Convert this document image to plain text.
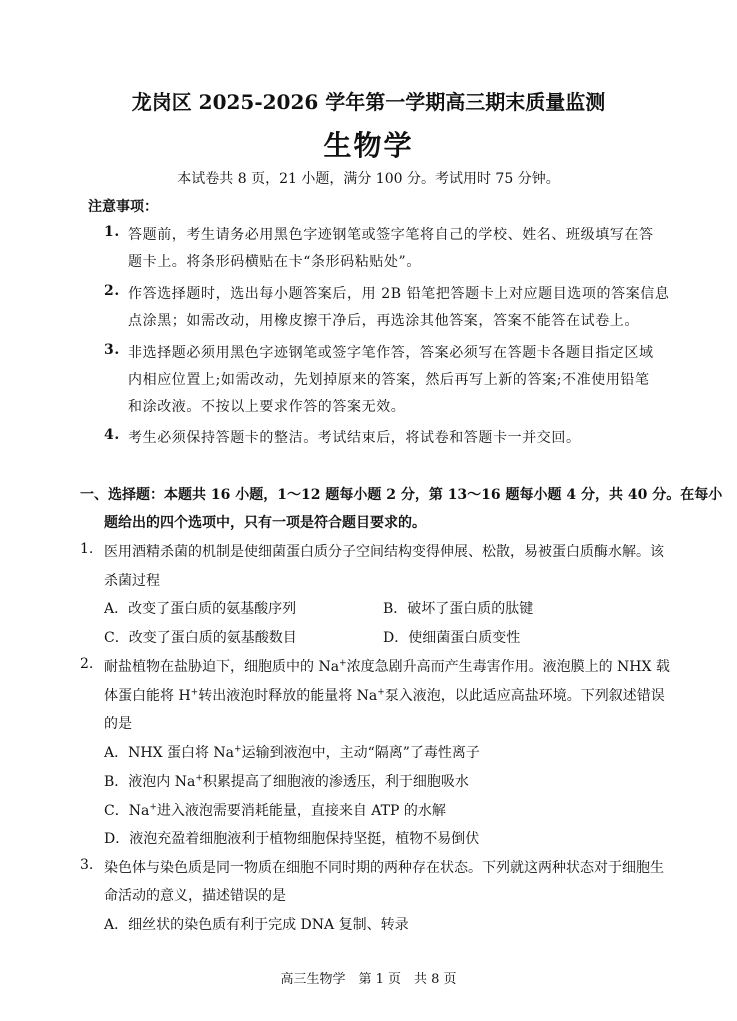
龙岗区 2025-2026 学年第一学期高三期末质量监测
生物学
本试卷共 8 页，21 小题，满分 100 分。考试用时 75 分钟。
注意事项：
1. 答题前，考生请务必用黑色字迹钢笔或签字笔将自己的学校、姓名、班级填写在答
题卡上。将条形码横贴在卡“条形码粘贴处”。
2. 作答选择题时，选出每小题答案后，用 2B 铅笔把答题卡上对应题目选项的答案信息
点涂黑；如需改动，用橡皮擦干净后，再选涂其他答案，答案不能答在试卷上。
3. 非选择题必须用黑色字迹钢笔或签字笔作答，答案必须写在答题卡各题目指定区域
内相应位置上;如需改动，先划掉原来的答案，然后再写上新的答案;不准使用铅笔
和涂改液。不按以上要求作答的答案无效。
4. 考生必须保持答题卡的整洁。考试结束后，将试卷和答题卡一并交回。
一、选择题：本题共 16 小题，1～12 题每小题 2 分，第 13～16 题每小题 4 分，共 40 分。在每小
题给出的四个选项中，只有一项是符合题目要求的。
1. 医用酒精杀菌的机制是使细菌蛋白质分子空间结构变得伸展、松散，易被蛋白质酶水解。该
杀菌过程
A．改变了蛋白质的氨基酸序列	B．破坏了蛋白质的肽键
C．改变了蛋白质的氨基酸数目	D．使细菌蛋白质变性
2. 耐盐植物在盐胁迫下，细胞质中的 Na+浓度急剧升高而产生毒害作用。液泡膜上的 NHX 载
体蛋白能将 H+转出液泡时释放的能量将 Na+泵入液泡，以此适应高盐环境。下列叙述错误
的是
A．NHX 蛋白将 Na+运输到液泡中，主动“隔离”了毒性离子
B．液泡内 Na+积累提高了细胞液的渗透压，利于细胞吸水
C．Na+进入液泡需要消耗能量，直接来自 ATP 的水解
D．液泡充盈着细胞液利于植物细胞保持坚挺，植物不易倒伏
3. 染色体与染色质是同一物质在细胞不同时期的两种存在状态。下列就这两种状态对于细胞生
命活动的意义，描述错误的是
A．细丝状的染色质有利于完成 DNA 复制、转录
高三生物学　第 1 页　共 8 页
